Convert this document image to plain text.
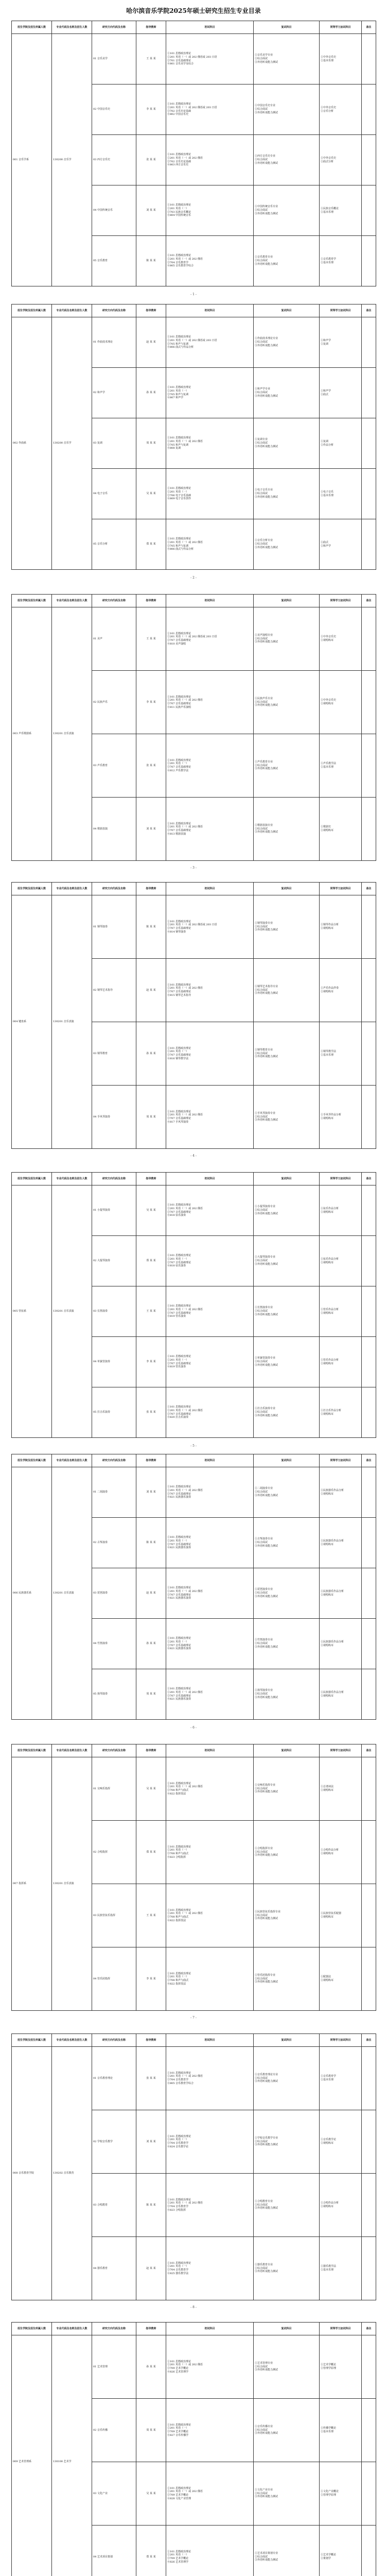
哈尔滨音乐学院2025年硕士研究生招生专业目录
招生学院及招生所属人数	专业代码及名称及招生人数	研究方向代码及名称	指导教师	初试科目	复试科目	同等学力加试科目	备注
001 音乐学系	130200 音乐学	01 音乐美学	王 某 某	①101 思想政治理论
②201 英语（一）或 202 俄语或 203 日语
③701 音乐基础理论
④801 音乐美学及综合	①音乐美学专业
②综合面试
③外语听说能力测试	①中外音乐史
②基本乐理	
		02 中国音乐史	李 某 某	①101 思想政治理论
②201 英语（一）或 202 俄语或 203 日语
③702 音乐史论基础
④802 中国音乐史	①中国音乐史专业
②综合面试
③外语听说能力测试	①中外音乐史
②音乐分析	
		03 西方音乐史	张 某 某	①101 思想政治理论
②201 英语（一）或 202 俄语
③702 音乐史论基础
④803 西方音乐史	①西方音乐史专业
②综合面试
③外语听说能力测试	①中外音乐史
②曲式分析	
		04 中国传统音乐	刘 某 某	①101 思想政治理论
②201 英语（一）
③703 民族音乐概论
④804 中国传统音乐	①中国传统音乐专业
②综合面试
③外语听说能力测试	①民族音乐概论
②基本乐理	
		05 音乐教育	陈 某 某	①101 思想政治理论
②201 英语（一）或 202 俄语
③704 音乐教育学
④805 音乐教育学综合	①音乐教育专业
②综合面试
③外语听说能力测试	①音乐教育学
②基本乐理	
- 1 -
招生学院及招生所属人数	专业代码及名称及招生人数	研究方向代码及名称	指导教师	初试科目	复试科目	同等学力加试科目	备注
002 作曲系	130200 音乐学	01 作曲技术理论	赵 某 某	①101 思想政治理论
②201 英语（一）或 202 俄语或 203 日语
③705 和声与复调
④806 曲式与作品分析	①作曲技术理论专业
②综合面试
③外语听说能力测试	①和声学
②复调	
		02 和声学	孙 某 某	①101 思想政治理论
②201 英语（一）
③705 和声与复调
④807 和声学	①和声学专业
②综合面试
③外语听说能力测试	①和声学
②曲式	
		03 复调	周 某 某	①101 思想政治理论
②201 英语（一）或 202 俄语
③705 和声与复调
④808 复调	①复调专业
②综合面试
③外语听说能力测试	①复调
②作品分析	
		04 电子音乐	吴 某 某	①101 思想政治理论
②201 英语（一）
③706 电子音乐基础
④809 电子音乐创作	①电子音乐专业
②综合面试
③外语听说能力测试	①电子音乐
②基本乐理	
		05 音乐分析	郑 某 某	①101 思想政治理论
②201 英语（一）或 202 俄语
③705 和声与复调
④806 曲式与作品分析	①音乐分析专业
②综合面试
③外语听说能力测试	①曲式
②和声学	
- 2 -
招生学院及招生所属人数	专业代码及名称及招生人数	研究方向代码及名称	指导教师	初试科目	复试科目	同等学力加试科目	备注
003 声乐歌剧系	130201 音乐表演	01 美声	王 某 某	①101 思想政治理论
②201 英语（一）或 202 俄语或 203 日语
③707 音乐基础理论
④810 美声演唱	①美声演唱专业
②综合面试
③外语听说能力测试	①中外音乐史
②视唱练耳	
		02 民族声乐	李 某 某	①101 思想政治理论
②201 英语（一）或 202 俄语
③707 音乐基础理论
④811 民族声乐演唱	①民族声乐专业
②综合面试
③外语听说能力测试	①中外音乐史
②视唱练耳	
		03 声乐教育	张 某 某	①101 思想政治理论
②201 英语（一）
③707 音乐基础理论
④812 声乐教学法	①声乐教育专业
②综合面试
③外语听说能力测试	①声乐教学法
②基本乐理	
		04 歌剧表演	刘 某 某	①101 思想政治理论
②201 英语（一）或 202 俄语
③707 音乐基础理论
④813 歌剧表演	①歌剧表演专业
②综合面试
③外语听说能力测试	①歌剧史
②视唱练耳	
- 3 -
招生学院及招生所属人数	专业代码及名称及招生人数	研究方向代码及名称	指导教师	初试科目	复试科目	同等学力加试科目	备注
004 键盘系	130201 音乐表演	01 钢琴演奏	陈 某 某	①101 思想政治理论
②201 英语（一）或 202 俄语或 203 日语
③707 音乐基础理论
④814 钢琴演奏	①钢琴演奏专业
②综合面试
③外语听说能力测试	①钢琴作品分析
②视唱练耳	
		02 钢琴艺术指导	赵 某 某	①101 思想政治理论
②201 英语（一）或 202 俄语
③707 音乐基础理论
④815 钢琴艺术指导	①钢琴艺术指导专业
②综合面试
③外语听说能力测试	①声乐作品伴奏
②视唱练耳	
		03 钢琴教育	孙 某 某	①101 思想政治理论
②201 英语（一）
③707 音乐基础理论
④816 钢琴教学法	①钢琴教育专业
②综合面试
③外语听说能力测试	①钢琴教学法
②基本乐理	
		04 手风琴演奏	周 某 某	①101 思想政治理论
②201 英语（一）或 202 俄语
③707 音乐基础理论
④817 手风琴演奏	①手风琴演奏专业
②综合面试
③外语听说能力测试	①手风琴作品分析
②视唱练耳	
- 4 -
招生学院及招生所属人数	专业代码及名称及招生人数	研究方向代码及名称	指导教师	初试科目	复试科目	同等学力加试科目	备注
005 管弦系	130201 音乐表演	01 小提琴演奏	吴 某 某	①101 思想政治理论
②201 英语（一）或 202 俄语
③707 音乐基础理论
④818 弦乐演奏	①小提琴演奏专业
②综合面试
③外语听说能力测试	①弦乐作品分析
②视唱练耳	
		02 大提琴演奏	郑 某 某	①101 思想政治理论
②201 英语（一）
③707 音乐基础理论
④818 弦乐演奏	①大提琴演奏专业
②综合面试
③外语听说能力测试	①弦乐作品分析
②视唱练耳	
		03 长笛演奏	王 某 某	①101 思想政治理论
②201 英语（一）或 202 俄语
③707 音乐基础理论
④819 管乐演奏	①长笛演奏专业
②综合面试
③外语听说能力测试	①管乐作品分析
②视唱练耳	
		04 单簧管演奏	李 某 某	①101 思想政治理论
②201 英语（一）
③707 音乐基础理论
④819 管乐演奏	①单簧管演奏专业
②综合面试
③外语听说能力测试	①管乐作品分析
②视唱练耳	
		05 打击乐演奏	张 某 某	①101 思想政治理论
②201 英语（一）或 202 俄语
③707 音乐基础理论
④820 打击乐演奏	①打击乐演奏专业
②综合面试
③外语听说能力测试	①打击乐作品分析
②视唱练耳	
- 5 -
招生学院及招生所属人数	专业代码及名称及招生人数	研究方向代码及名称	指导教师	初试科目	复试科目	同等学力加试科目	备注
006 民族器乐系	130201 音乐表演	01 二胡演奏	刘 某 某	①101 思想政治理论
②201 英语（一）或 202 俄语
③707 音乐基础理论
④821 民族器乐演奏	①二胡演奏专业
②综合面试
③外语听说能力测试	①民族器乐作品分析
②视唱练耳	
		02 古筝演奏	陈 某 某	①101 思想政治理论
②201 英语（一）
③707 音乐基础理论
④821 民族器乐演奏	①古筝演奏专业
②综合面试
③外语听说能力测试	①民族器乐作品分析
②视唱练耳	
		03 琵琶演奏	赵 某 某	①101 思想政治理论
②201 英语（一）或 202 俄语
③707 音乐基础理论
④821 民族器乐演奏	①琵琶演奏专业
②综合面试
③外语听说能力测试	①民族器乐作品分析
②视唱练耳	
		04 竹笛演奏	孙 某 某	①101 思想政治理论
②201 英语（一）
③707 音乐基础理论
④821 民族器乐演奏	①竹笛演奏专业
②综合面试
③外语听说能力测试	①民族器乐作品分析
②视唱练耳	
		05 扬琴演奏	周 某 某	①101 思想政治理论
②201 英语（一）或 202 俄语
③707 音乐基础理论
④821 民族器乐演奏	①扬琴演奏专业
②综合面试
③外语听说能力测试	①民族器乐作品分析
②视唱练耳	
- 6 -
招生学院及招生所属人数	专业代码及名称及招生人数	研究方向代码及名称	指导教师	初试科目	复试科目	同等学力加试科目	备注
007 指挥系	130201 音乐表演	01 交响乐指挥	吴 某 某	①101 思想政治理论
②201 英语（一）或 202 俄语
③708 和声与曲式
④822 指挥技法	①交响乐指挥专业
②综合面试
③外语听说能力测试	①总谱读法
②视唱练耳	
		02 合唱指挥	郑 某 某	①101 思想政治理论
②201 英语（一）
③708 和声与曲式
④823 合唱指挥	①合唱指挥专业
②综合面试
③外语听说能力测试	①合唱作品分析
②视唱练耳	
		03 民族管弦乐指挥	王 某 某	①101 思想政治理论
②201 英语（一）或 202 俄语
③708 和声与曲式
④822 指挥技法	①民族管弦乐指挥专业
②综合面试
③外语听说能力测试	①民族管弦乐配器
②视唱练耳	
		04 管乐团指挥	李 某 某	①101 思想政治理论
②201 英语（一）
③708 和声与曲式
④822 指挥技法	①管乐团指挥专业
②综合面试
③外语听说能力测试	①配器法
②视唱练耳	
- 7 -
招生学院及招生所属人数	专业代码及名称及招生人数	研究方向代码及名称	指导教师	初试科目	复试科目	同等学力加试科目	备注
008 音乐教育学院	130202 音乐教育	01 音乐教育理论	张 某 某	①101 思想政治理论
②201 英语（一）或 202 俄语
③704 音乐教育学
④805 音乐教育学综合	①音乐教育理论专业
②综合面试
③外语听说能力测试	①音乐教育学
②基本乐理	
		02 学校音乐教学	刘 某 某	①101 思想政治理论
②201 英语（一）
③704 音乐教育学
④824 音乐教学论	①学校音乐教学专业
②综合面试
③外语听说能力测试	①音乐教学论
②视唱练耳	
		03 合唱教育	陈 某 某	①101 思想政治理论
②201 英语（一）或 202 俄语
③704 音乐教育学
④823 合唱指挥	①合唱教育专业
②综合面试
③外语听说能力测试	①合唱作品分析
②视唱练耳	
		04 器乐教育	赵 某 某	①101 思想政治理论
②201 英语（一）
③704 音乐教育学
④825 器乐教学法	①器乐教育专业
②综合面试
③外语听说能力测试	①器乐教学法
②基本乐理	
- 8 -
招生学院及招生所属人数	专业代码及名称及招生人数	研究方向代码及名称	指导教师	初试科目	复试科目	同等学力加试科目	备注
009 艺术管理系	130100 艺术学	01 艺术管理	孙 某 某	①101 思想政治理论
②201 英语（一）或 202 俄语
③709 艺术学概论
④826 艺术管理学	①艺术管理专业
②综合面试
③外语听说能力测试	①艺术学概论
②管理学原理	
		02 音乐传播	周 某 某	①101 思想政治理论
②201 英语（一）
③709 艺术学概论
④827 音乐传播学	①音乐传播专业
②综合面试
③外语听说能力测试	①传播学概论
②基本乐理	
		03 文化产业	吴 某 某	①101 思想政治理论
②201 英语（一）或 202 俄语
③709 艺术学概论
④828 文化产业管理	①文化产业专业
②综合面试
③外语听说能力测试	①文化产业概论
②管理学原理	
		04 艺术项目策划	郑 某 某	①101 思想政治理论
②201 英语（一）
③709 艺术学概论
④826 艺术管理学	①艺术项目策划专业
②综合面试
③外语听说能力测试	①艺术学概论
②策划学	
